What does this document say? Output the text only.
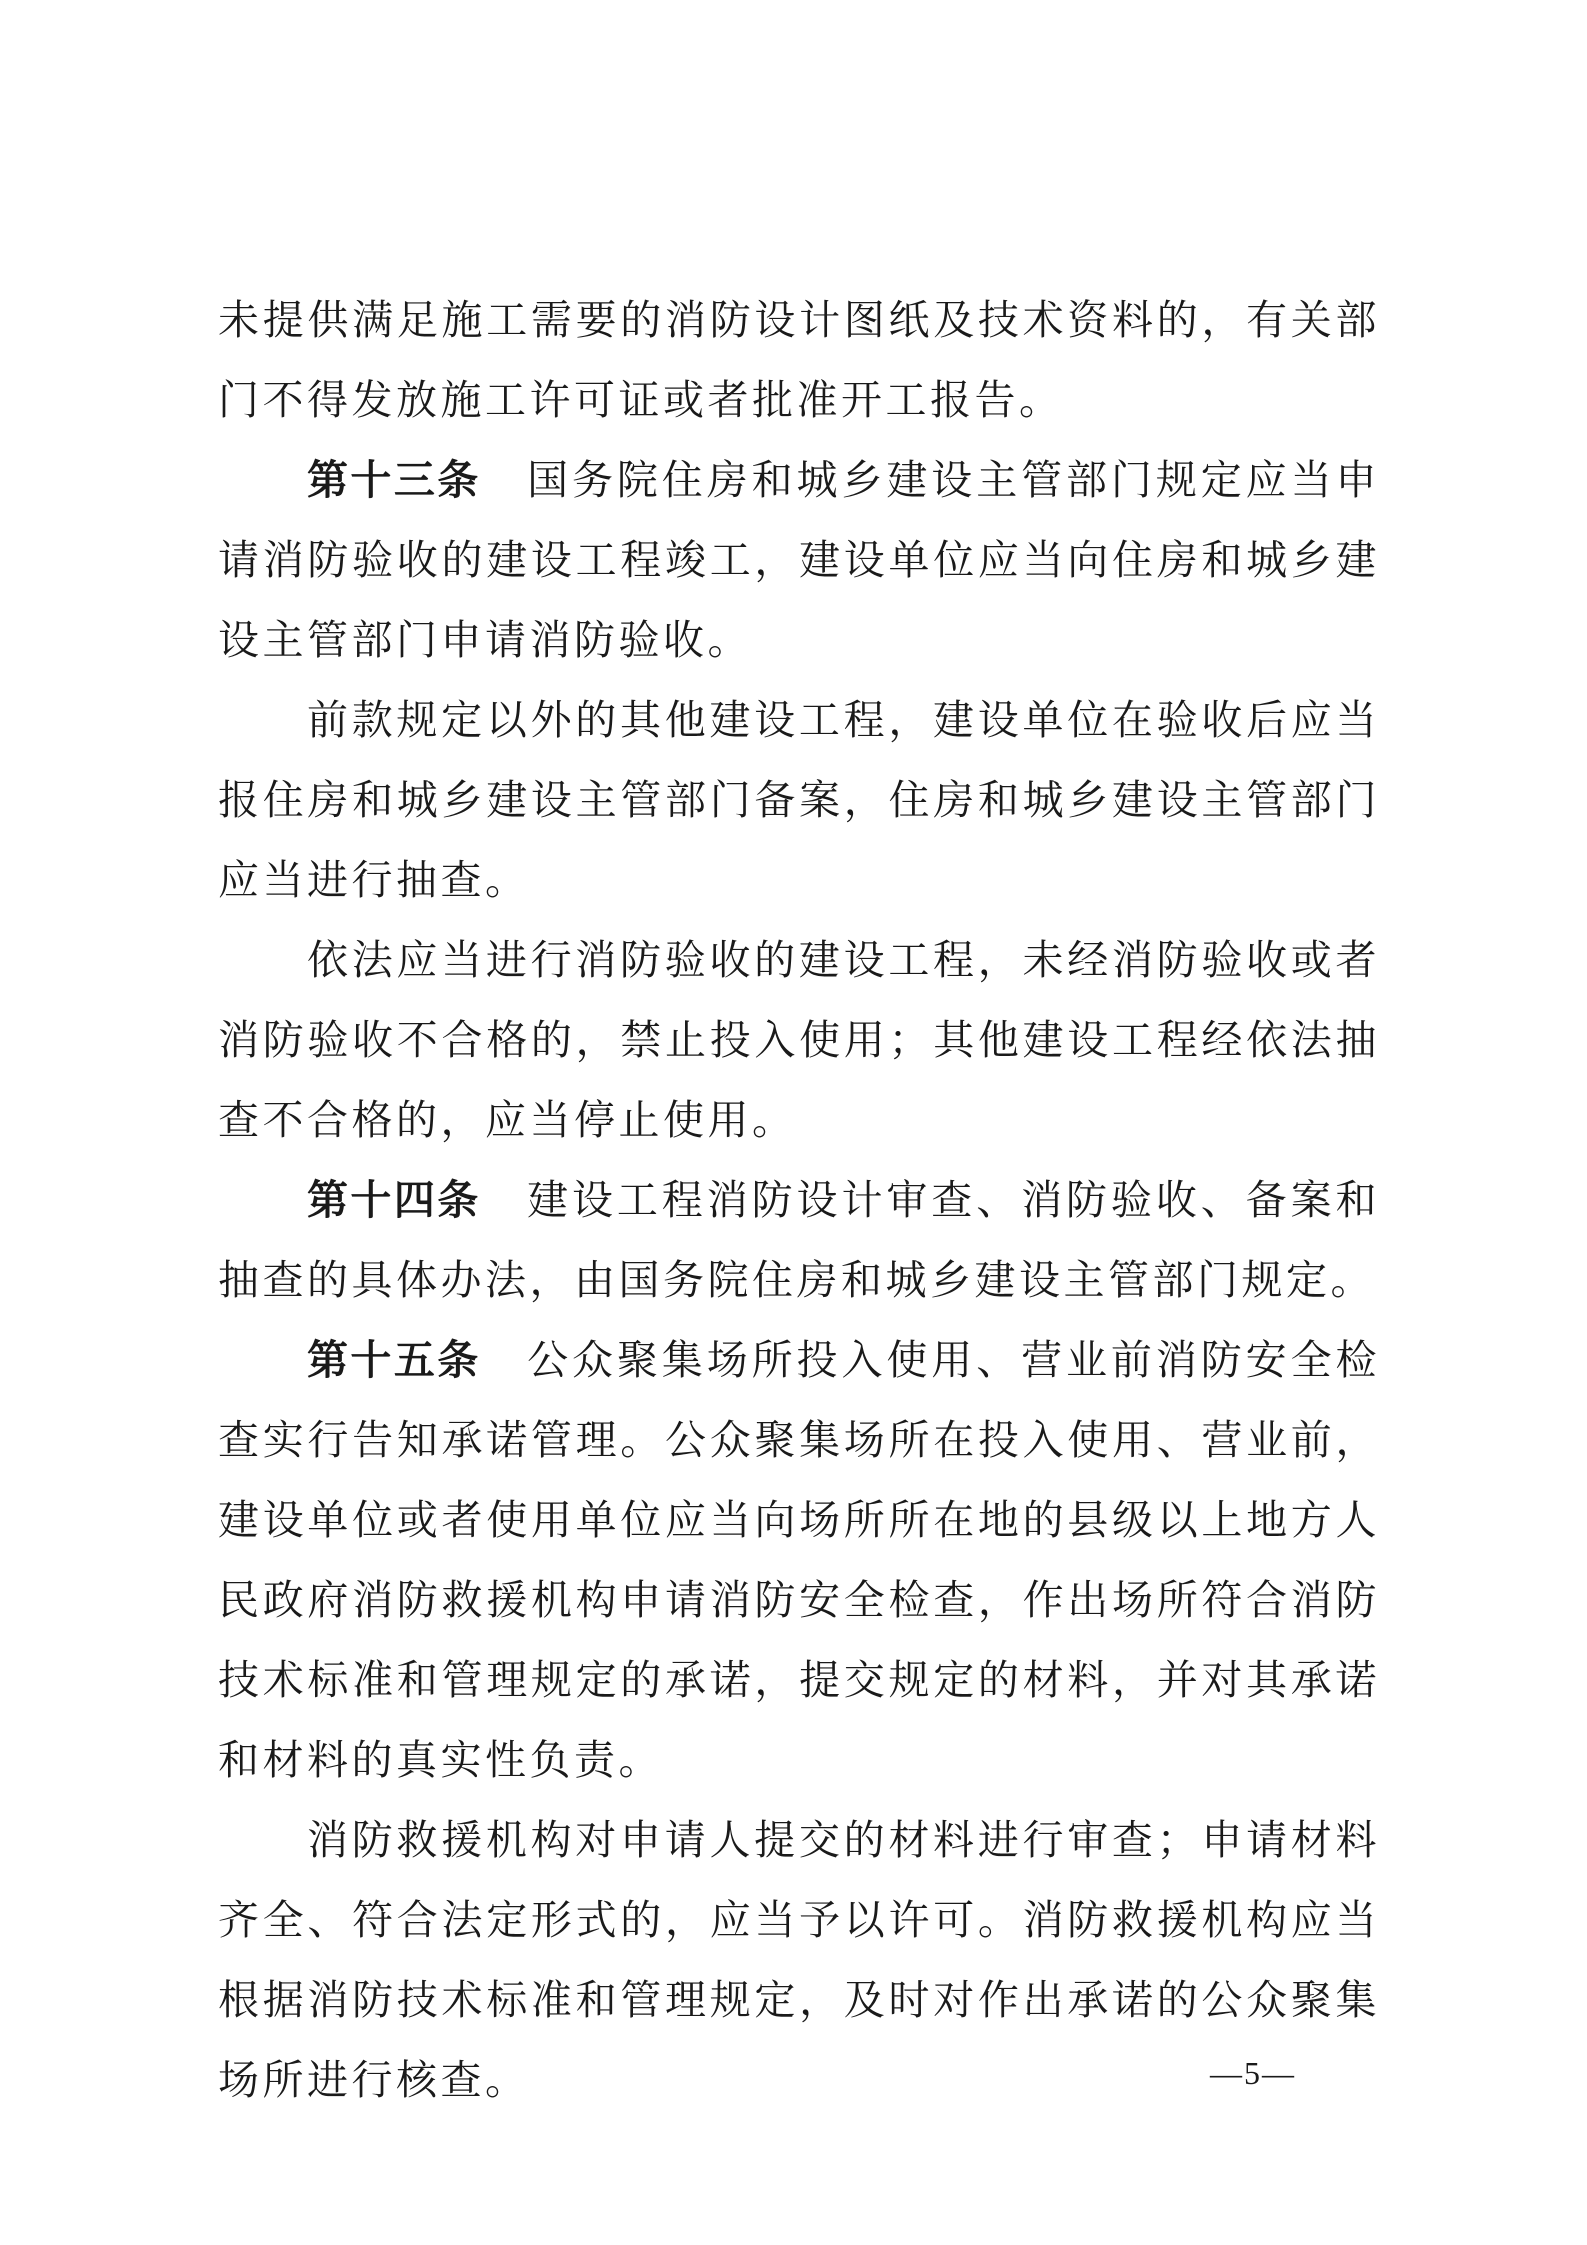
未提供满足施工需要的消防设计图纸及技术资料的，有关部门不得发放施工许可证或者批准开工报告。

第十三条 国务院住房和城乡建设主管部门规定应当申请消防验收的建设工程竣工，建设单位应当向住房和城乡建设主管部门申请消防验收。

前款规定以外的其他建设工程，建设单位在验收后应当报住房和城乡建设主管部门备案，住房和城乡建设主管部门应当进行抽查。

依法应当进行消防验收的建设工程，未经消防验收或者消防验收不合格的，禁止投入使用；其他建设工程经依法抽查不合格的，应当停止使用。

第十四条 建设工程消防设计审查、消防验收、备案和抽查的具体办法，由国务院住房和城乡建设主管部门规定。

第十五条 公众聚集场所投入使用、营业前消防安全检查实行告知承诺管理。公众聚集场所在投入使用、营业前，建设单位或者使用单位应当向场所所在地的县级以上地方人民政府消防救援机构申请消防安全检查，作出场所符合消防技术标准和管理规定的承诺，提交规定的材料，并对其承诺和材料的真实性负责。

消防救援机构对申请人提交的材料进行审查；申请材料齐全、符合法定形式的，应当予以许可。消防救援机构应当根据消防技术标准和管理规定，及时对作出承诺的公众聚集场所进行核查。	—5—
